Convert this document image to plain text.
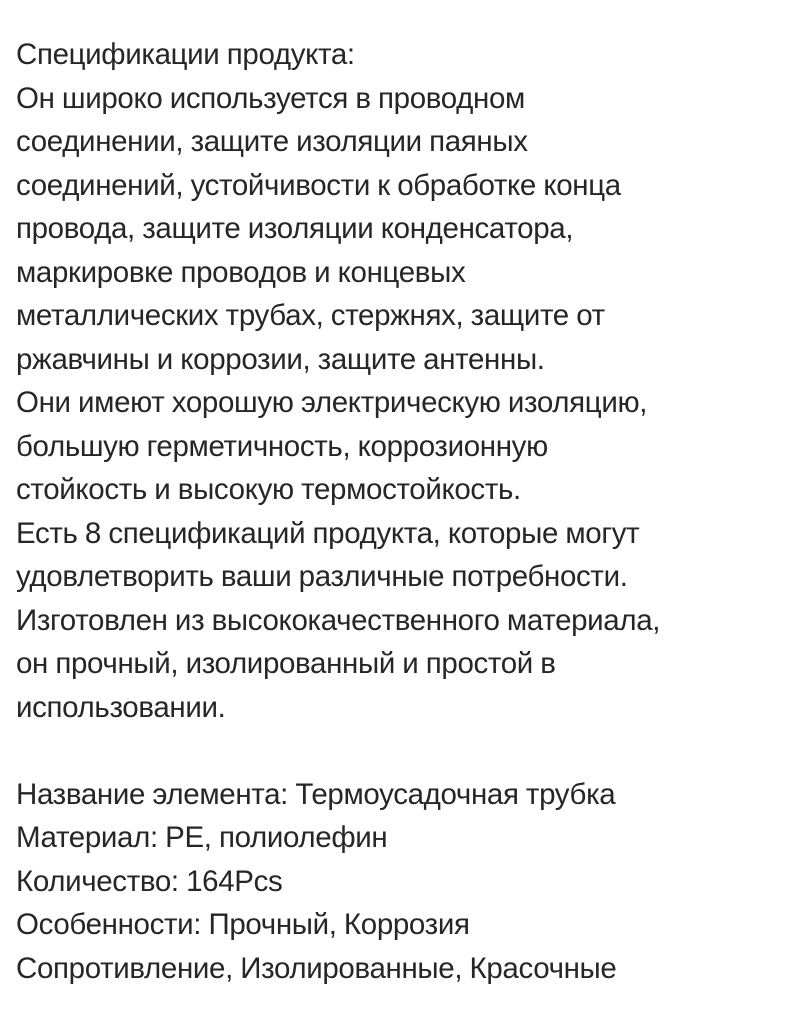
Спецификации продукта:
Он широко используется в проводном
соединении, защите изоляции паяных
соединений, устойчивости к обработке конца
провода, защите изоляции конденсатора,
маркировке проводов и концевых
металлических трубах, стержнях, защите от
ржавчины и коррозии, защите антенны.
Они имеют хорошую электрическую изоляцию,
большую герметичность, коррозионную
стойкость и высокую термостойкость.
Есть 8 спецификаций продукта, которые могут
удовлетворить ваши различные потребности.
Изготовлен из высококачественного материала,
он прочный, изолированный и простой в
использовании.
Название элемента: Термоусадочная трубка
Материал: PE, полиолефин
Количество: 164Pcs
Особенности: Прочный, Коррозия
Сопротивление, Изолированные, Красочные
